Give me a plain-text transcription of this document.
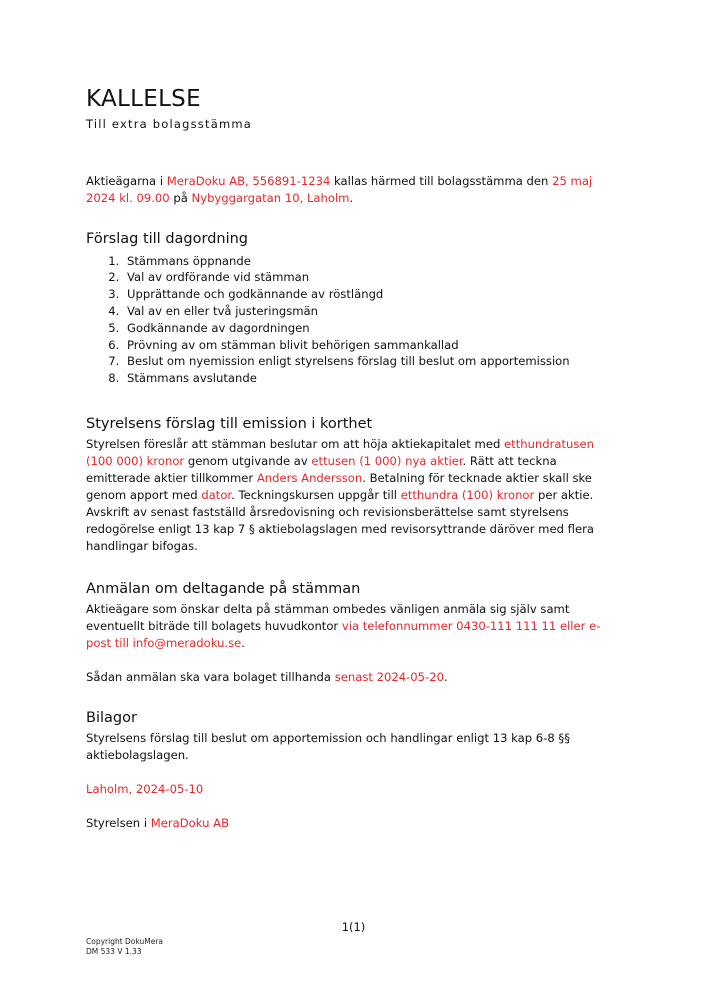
KALLELSE
Till extra bolagsstämma

Aktieägarna i MeraDoku AB, 556891-1234 kallas härmed till bolagsstämma den 25 maj 2024 kl. 09.00 på Nybyggargatan 10, Laholm.

Förslag till dagordning
1. Stämmans öppnande
2. Val av ordförande vid stämman
3. Upprättande och godkännande av röstlängd
4. Val av en eller två justeringsmän
5. Godkännande av dagordningen
6. Prövning av om stämman blivit behörigen sammankallad
7. Beslut om nyemission enligt styrelsens förslag till beslut om apportemission
8. Stämmans avslutande
Styrelsens förslag till emission i korthet

Styrelsen föreslår att stämman beslutar om att höja aktiekapitalet med etthundratusen (100 000) kronor genom utgivande av ettusen (1 000) nya aktier. Rätt att teckna emitterade aktier tillkommer Anders Andersson. Betalning för tecknade aktier skall ske genom apport med dator. Teckningskursen uppgår till etthundra (100) kronor per aktie. Avskrift av senast fastställd årsredovisning och revisionsberättelse samt styrelsens redogörelse enligt 13 kap 7 § aktiebolagslagen med revisorsyttrande däröver med flera handlingar bifogas.

Anmälan om deltagande på stämman

Aktieägare som önskar delta på stämman ombedes vänligen anmäla sig själv samt eventuellt biträde till bolagets huvudkontor via telefonnummer 0430-111 111 11 eller e-post till info@meradoku.se.

Sådan anmälan ska vara bolaget tillhanda senast 2024-05-20.

Bilagor

Styrelsens förslag till beslut om apportemission och handlingar enligt 13 kap 6-8 §§ aktiebolagslagen.

Laholm, 2024-05-10

Styrelsen i MeraDoku AB

1(1)
Copyright DokuMera
DM 533 V 1.33
